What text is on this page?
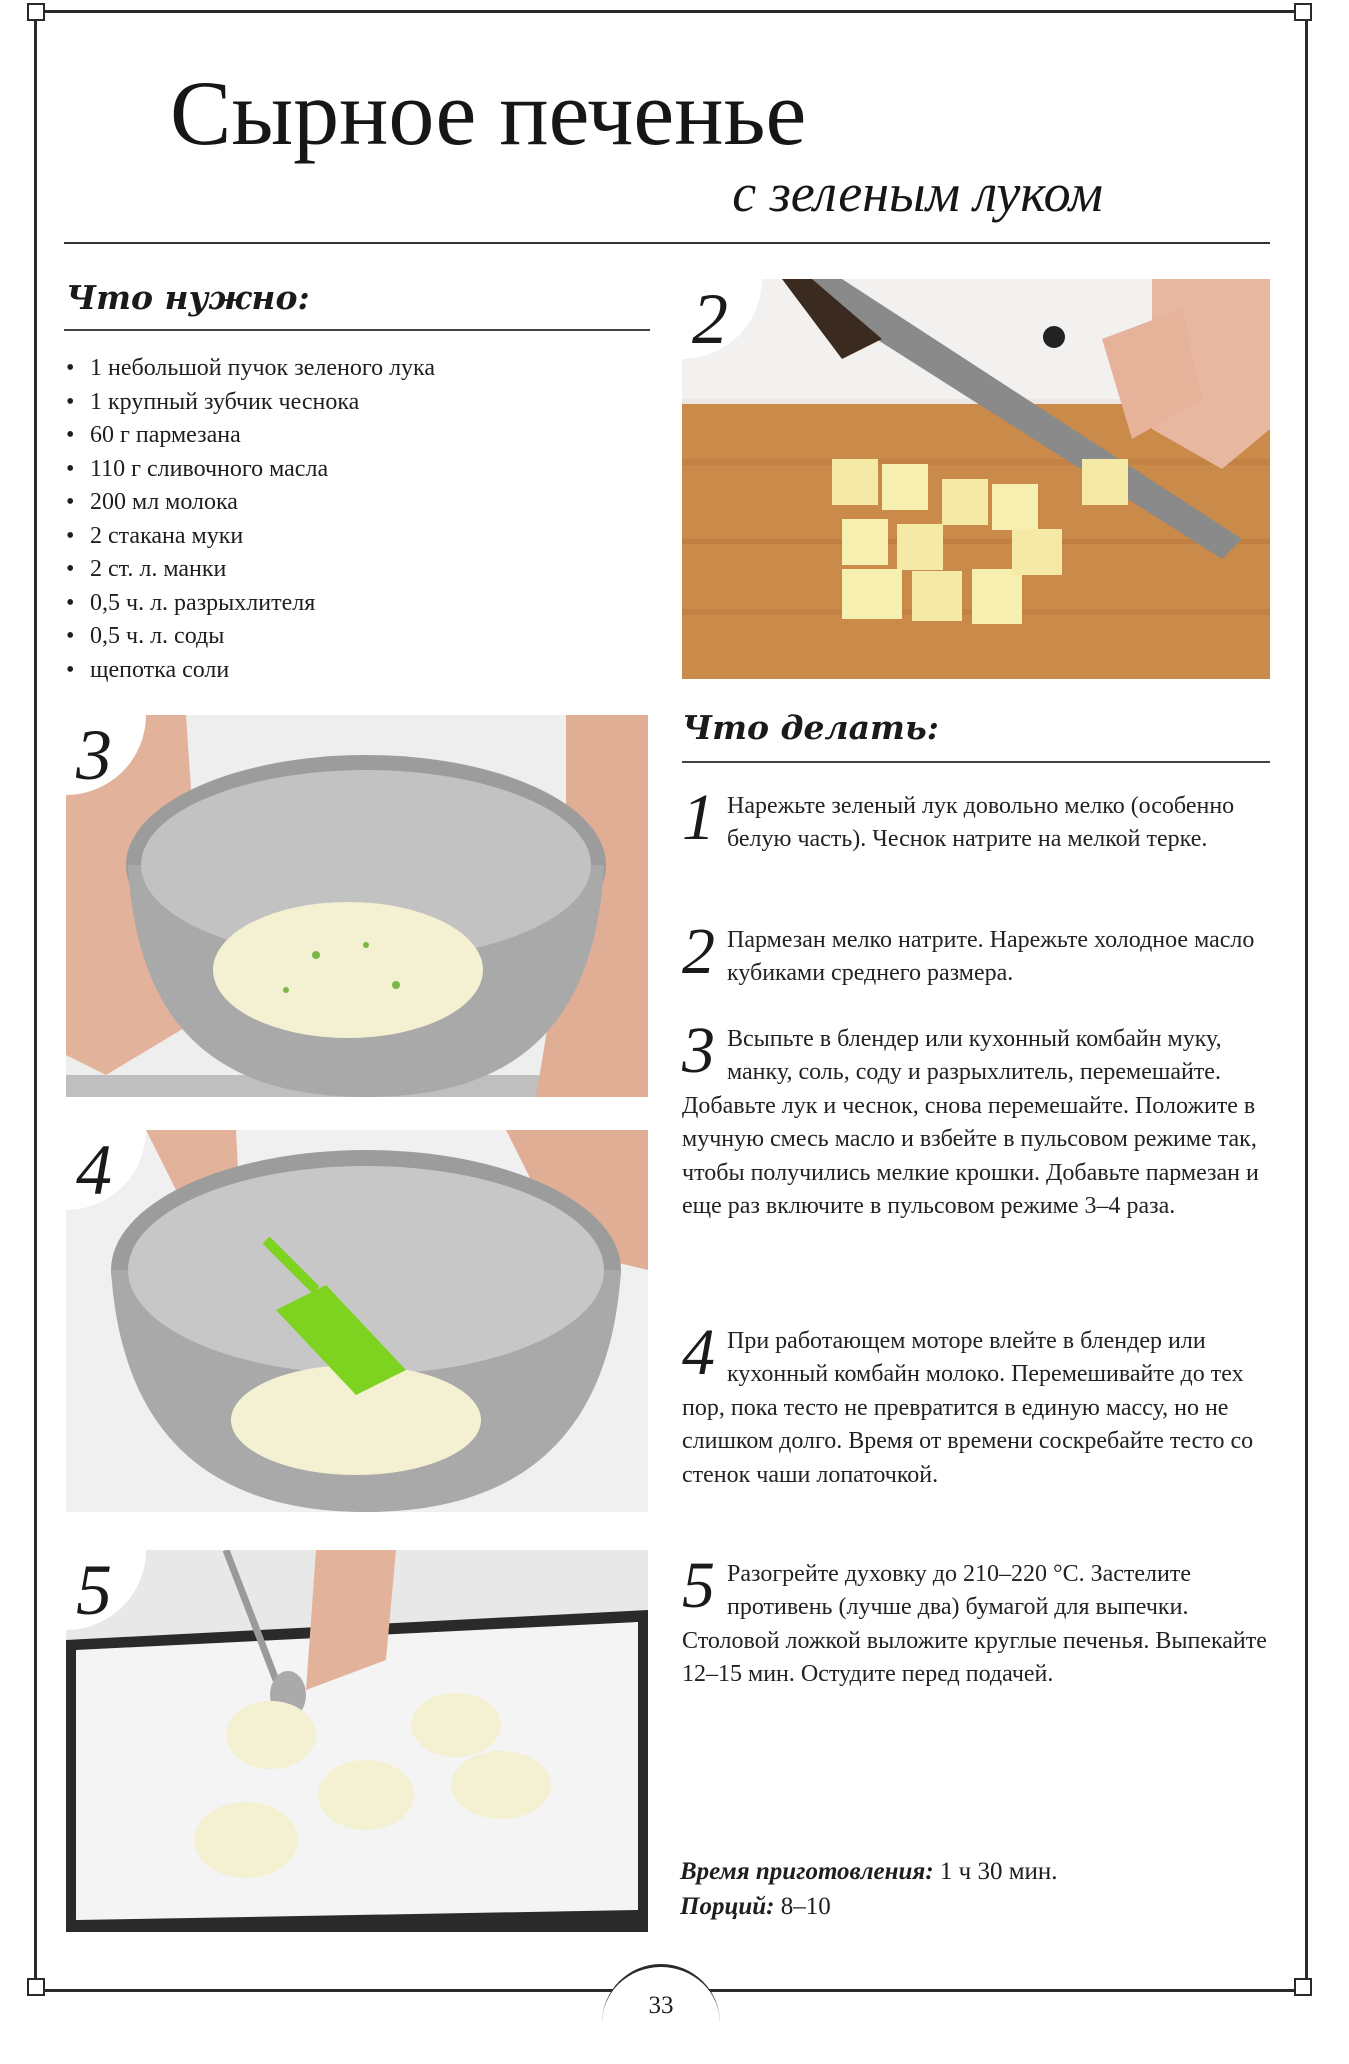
Сырное печенье
с зеленым луком
Что нужно:
• 1 небольшой пучок зеленого лука
• 1 крупный зубчик чеснока
• 60 г пармезана
• 110 г сливочного масла
• 200 мл молока
• 2 стакана муки
• 2 ст. л. манки
• 0,5 ч. л. разрыхлителя
• 0,5 ч. л. соды
• щепотка соли
2
3
4
5
Что делать:
1 Нарежьте зеленый лук довольно мелко (особенно белую часть). Чеснок натрите на мелкой терке.
2 Пармезан мелко натрите. Нарежьте холодное масло кубиками среднего размера.
3 Всыпьте в блендер или кухонный комбайн муку, манку, соль, соду и разрыхлитель, перемешайте. Добавьте лук и чеснок, снова перемешайте. Положите в мучную смесь масло и взбейте в пульсовом режиме так, чтобы получились мелкие крошки. Добавьте пармезан и еще раз включите в пульсовом режиме 3–4 раза.
4 При работающем моторе влейте в блендер или кухонный комбайн молоко. Перемешивайте до тех пор, пока тесто не превратится в единую массу, но не слишком долго. Время от времени соскребайте тесто со стенок чаши лопаточкой.
5 Разогрейте духовку до 210–220 °С. Застелите противень (лучше два) бумагой для выпечки. Столовой ложкой выложите круглые печенья. Выпекайте 12–15 мин. Остудите перед подачей.
Время приготовления: 1 ч 30 мин.
Порций: 8–10
33
